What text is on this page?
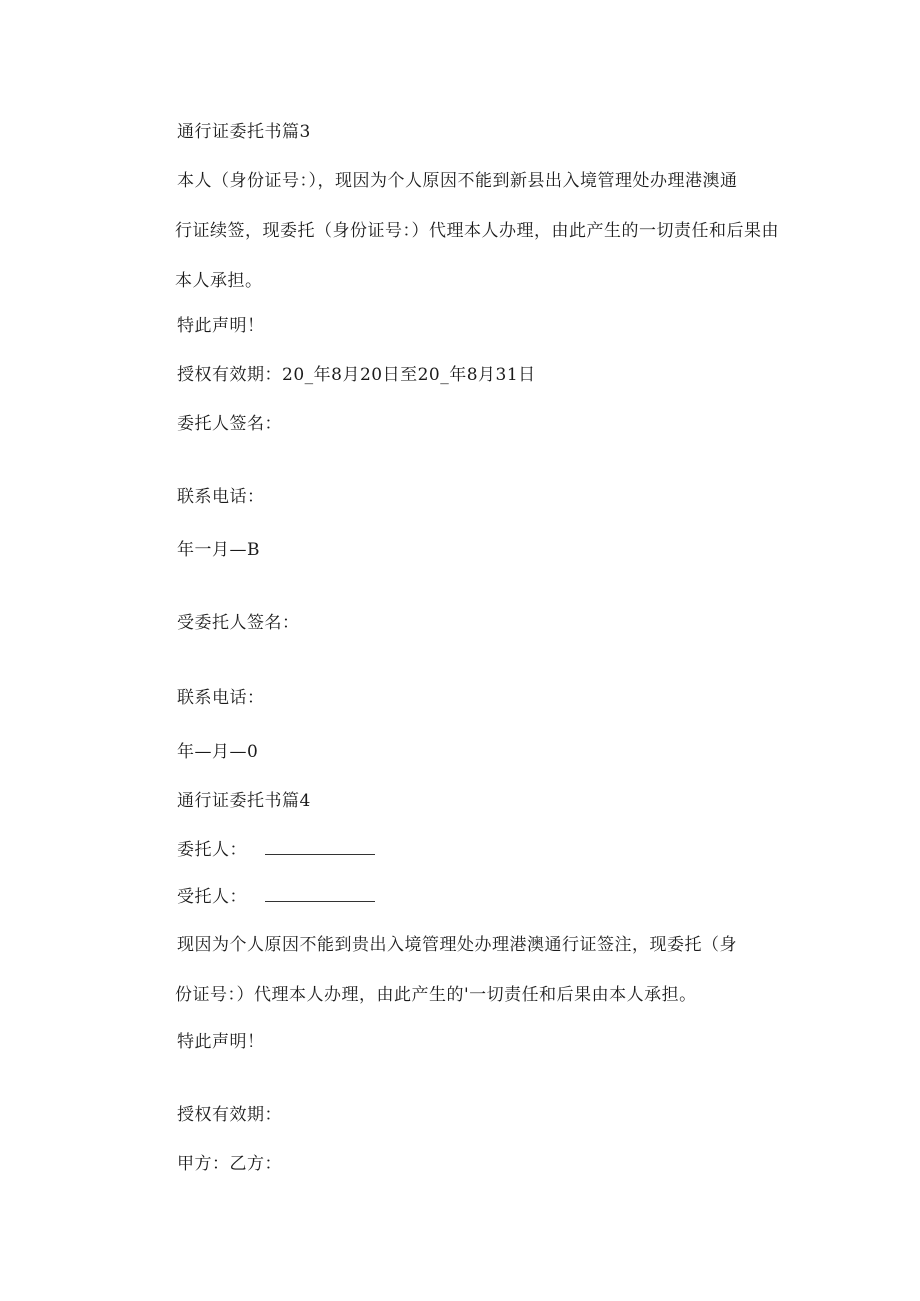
通行证委托书篇3
本人（身份证号：），现因为个人原因不能到新县出入境管理处办理港澳通
行证续签，现委托（身份证号：）代理本人办理，由此产生的一切责任和后果由
本人承担。
特此声明！
授权有效期：20_年8月20日至20_年8月31日
委托人签名：
联系电话：
年一月—B
受委托人签名：
联系电话：
年—月—0
通行证委托书篇4
委托人：
受托人：
现因为个人原因不能到贵出入境管理处办理港澳通行证签注，现委托（身
份证号：）代理本人办理，由此产生的'一切责任和后果由本人承担。
特此声明！
授权有效期：
甲方：乙方：
